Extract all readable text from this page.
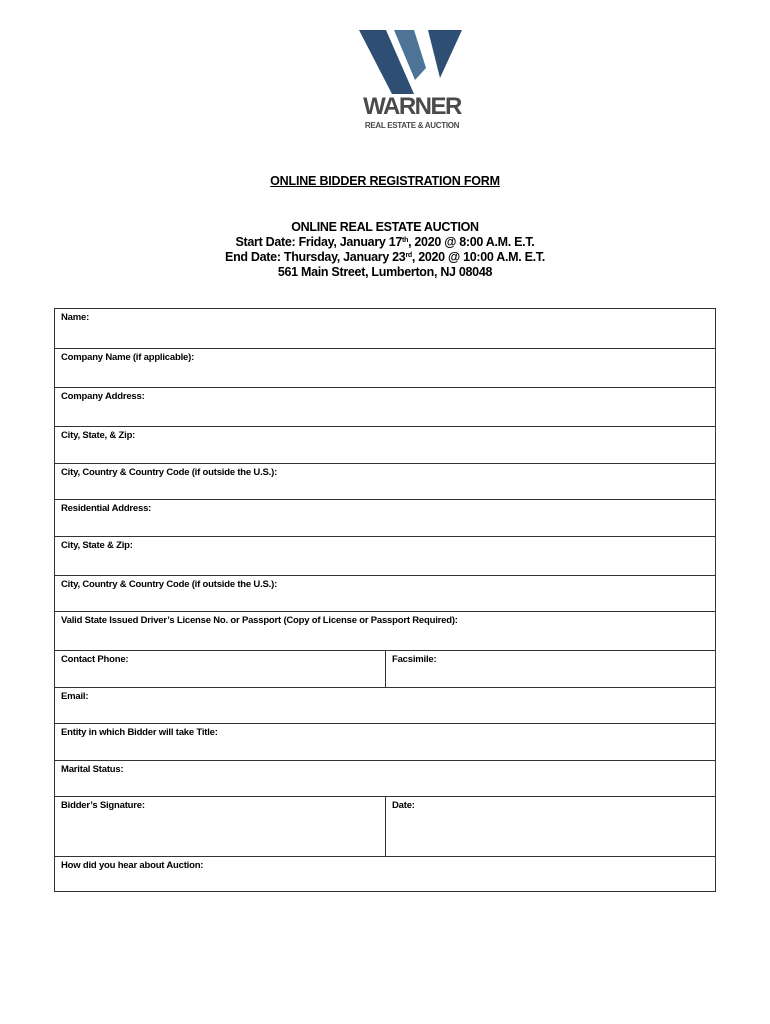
WARNER
REAL ESTATE & AUCTION
ONLINE BIDDER REGISTRATION FORM
ONLINE REAL ESTATE AUCTION
Start Date: Friday, January 17th, 2020 @ 8:00 A.M. E.T.
End Date: Thursday, January 23rd, 2020 @ 10:00 A.M. E.T.
561 Main Street, Lumberton, NJ 08048
Name:
Company Name (if applicable):
Company Address:
City, State, & Zip:
City, Country & Country Code (if outside the U.S.):
Residential Address:
City, State & Zip:
City, Country & Country Code (if outside the U.S.):
Valid State Issued Driver’s License No. or Passport (Copy of License or Passport Required):
Contact Phone:	Facsimile:
Email:
Entity in which Bidder will take Title:
Marital Status:
Bidder’s Signature:	Date:
How did you hear about Auction:
